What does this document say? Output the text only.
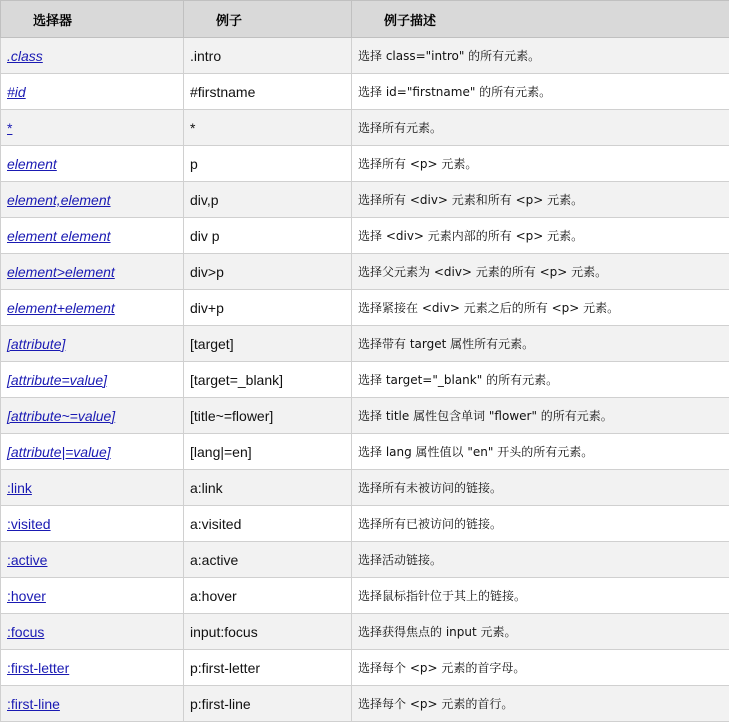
选择器	例子	例子描述
.class	.intro	选择 class="intro" 的所有元素。
#id	#firstname	选择 id="firstname" 的所有元素。
*	*	选择所有元素。
element	p	选择所有 <p> 元素。
element,element	div,p	选择所有 <div> 元素和所有 <p> 元素。
element element	div p	选择 <div> 元素内部的所有 <p> 元素。
element>element	div>p	选择父元素为 <div> 元素的所有 <p> 元素。
element+element	div+p	选择紧接在 <div> 元素之后的所有 <p> 元素。
[attribute]	[target]	选择带有 target 属性所有元素。
[attribute=value]	[target=_blank]	选择 target="_blank" 的所有元素。
[attribute~=value]	[title~=flower]	选择 title 属性包含单词 "flower" 的所有元素。
[attribute|=value]	[lang|=en]	选择 lang 属性值以 "en" 开头的所有元素。
:link	a:link	选择所有未被访问的链接。
:visited	a:visited	选择所有已被访问的链接。
:active	a:active	选择活动链接。
:hover	a:hover	选择鼠标指针位于其上的链接。
:focus	input:focus	选择获得焦点的 input 元素。
:first-letter	p:first-letter	选择每个 <p> 元素的首字母。
:first-line	p:first-line	选择每个 <p> 元素的首行。
